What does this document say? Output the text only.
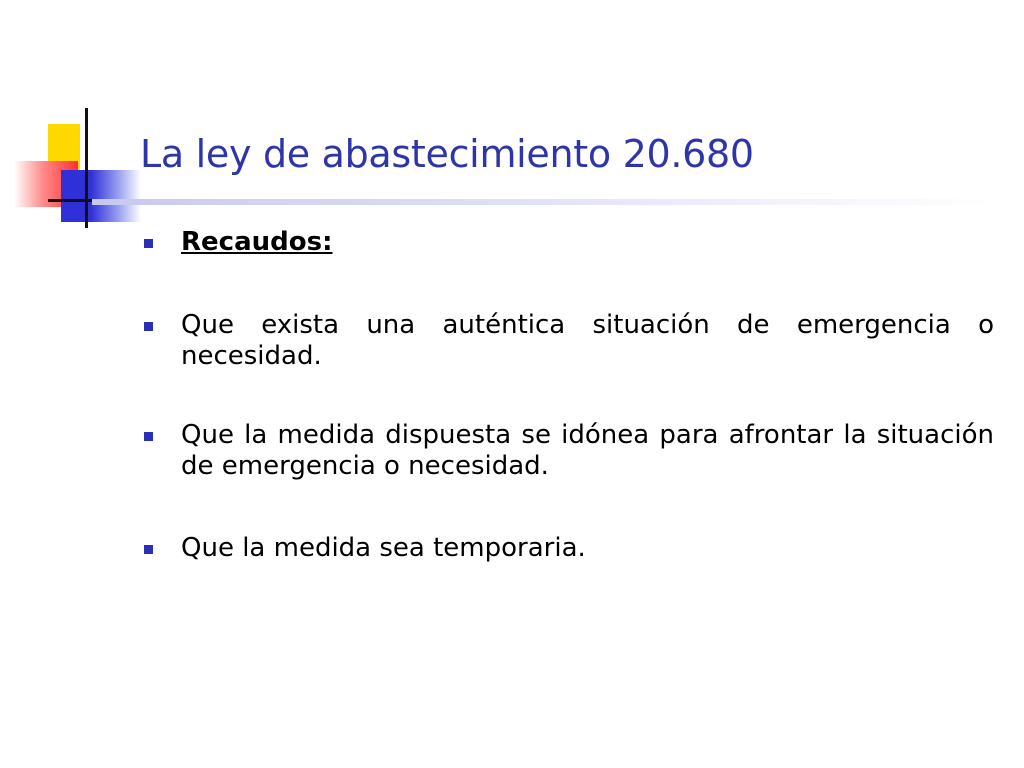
La ley de abastecimiento 20.680
Recaudos:
Que exista una auténtica situación de emergencia o necesidad.
Que la medida dispuesta se idónea para afrontar la situación de emergencia o necesidad.
Que la medida sea temporaria.
